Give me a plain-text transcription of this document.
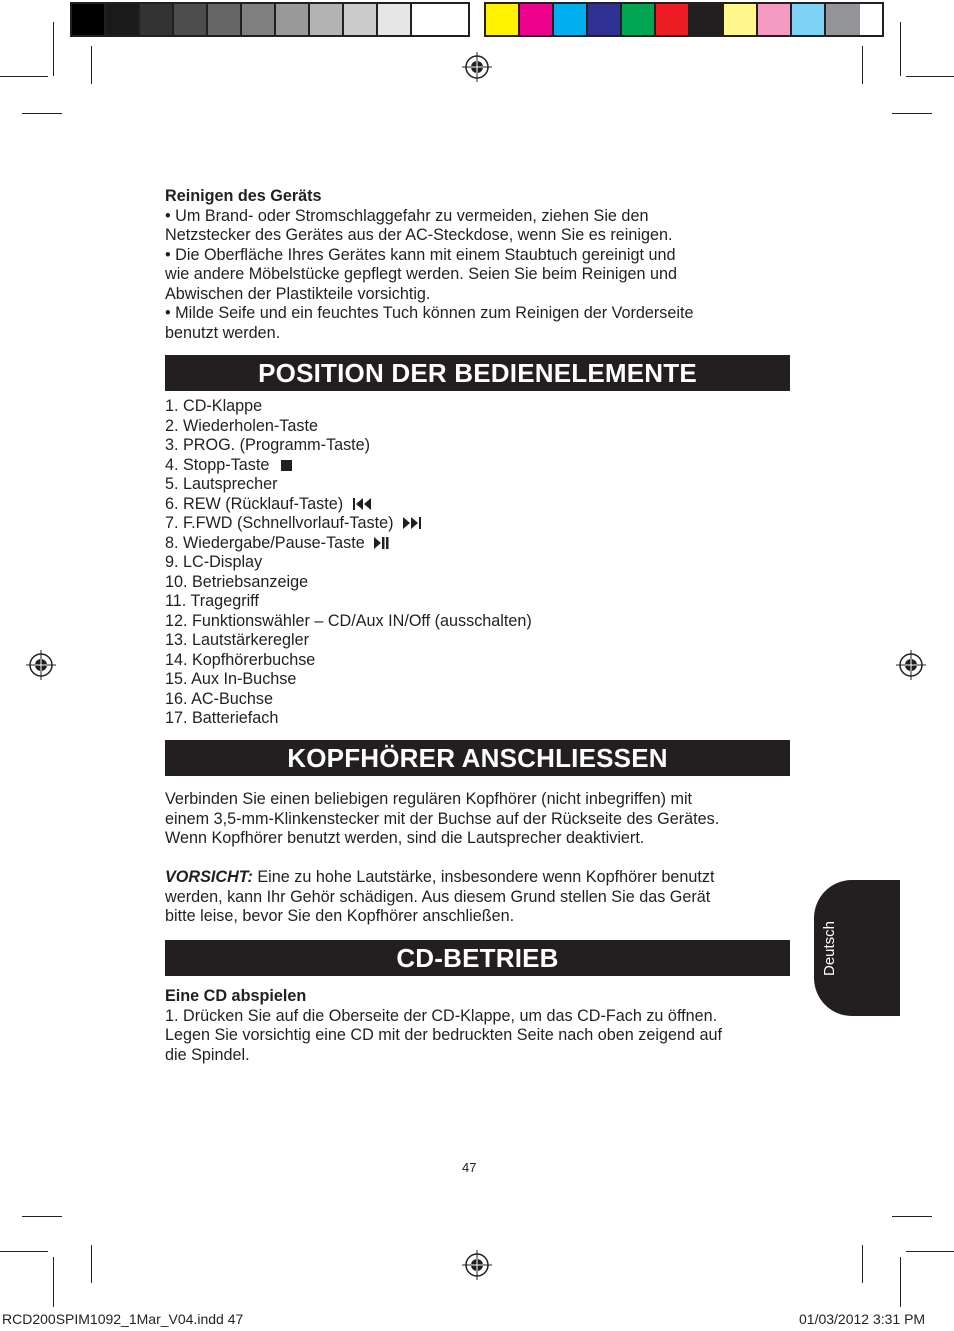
Reinigen des Geräts

• Um Brand- oder Stromschlaggefahr zu vermeiden, ziehen Sie den

Netzstecker des Gerätes aus der AC-Steckdose, wenn Sie es reinigen.

• Die Oberfläche Ihres Gerätes kann mit einem Staubtuch gereinigt und

wie andere Möbelstücke gepflegt werden. Seien Sie beim Reinigen und

Abwischen der Plastikteile vorsichtig.

• Milde Seife und ein feuchtes Tuch können zum Reinigen der Vorderseite

benutzt werden.

POSITION DER BEDIENELEMENTE
1. CD-Klappe
2. Wiederholen-Taste
3. PROG. (Programm-Taste)
4. Stopp-Taste
5. Lautsprecher
6. REW (Rücklauf-Taste)
7. F.FWD (Schnellvorlauf-Taste)
8. Wiedergabe/Pause-Taste
9. LC-Display
10. Betriebsanzeige
11. Tragegriff
12. Funktionswähler – CD/Aux IN/Off (ausschalten)
13. Lautstärkeregler
14. Kopfhörerbuchse
15. Aux In-Buchse
16. AC-Buchse
17. Batteriefach
KOPFHÖRER ANSCHLIESSEN

Verbinden Sie einen beliebigen regulären Kopfhörer (nicht inbegriffen) mit

einem 3,5-mm-Klinkenstecker mit der Buchse auf der Rückseite des Gerätes.

Wenn Kopfhörer benutzt werden, sind die Lautsprecher deaktiviert.

VORSICHT: Eine zu hohe Lautstärke, insbesondere wenn Kopfhörer benutzt

werden, kann Ihr Gehör schädigen. Aus diesem Grund stellen Sie das Gerät

bitte leise, bevor Sie den Kopfhörer anschließen.

CD-BETRIEB

Eine CD abspielen

1. Drücken Sie auf die Oberseite der CD-Klappe, um das CD-Fach zu öffnen.

Legen Sie vorsichtig eine CD mit der bedruckten Seite nach oben zeigend auf

die Spindel.

Deutsch
47
RCD200SPIM1092_1Mar_V04.indd 47	01/03/2012 3:31 PM
